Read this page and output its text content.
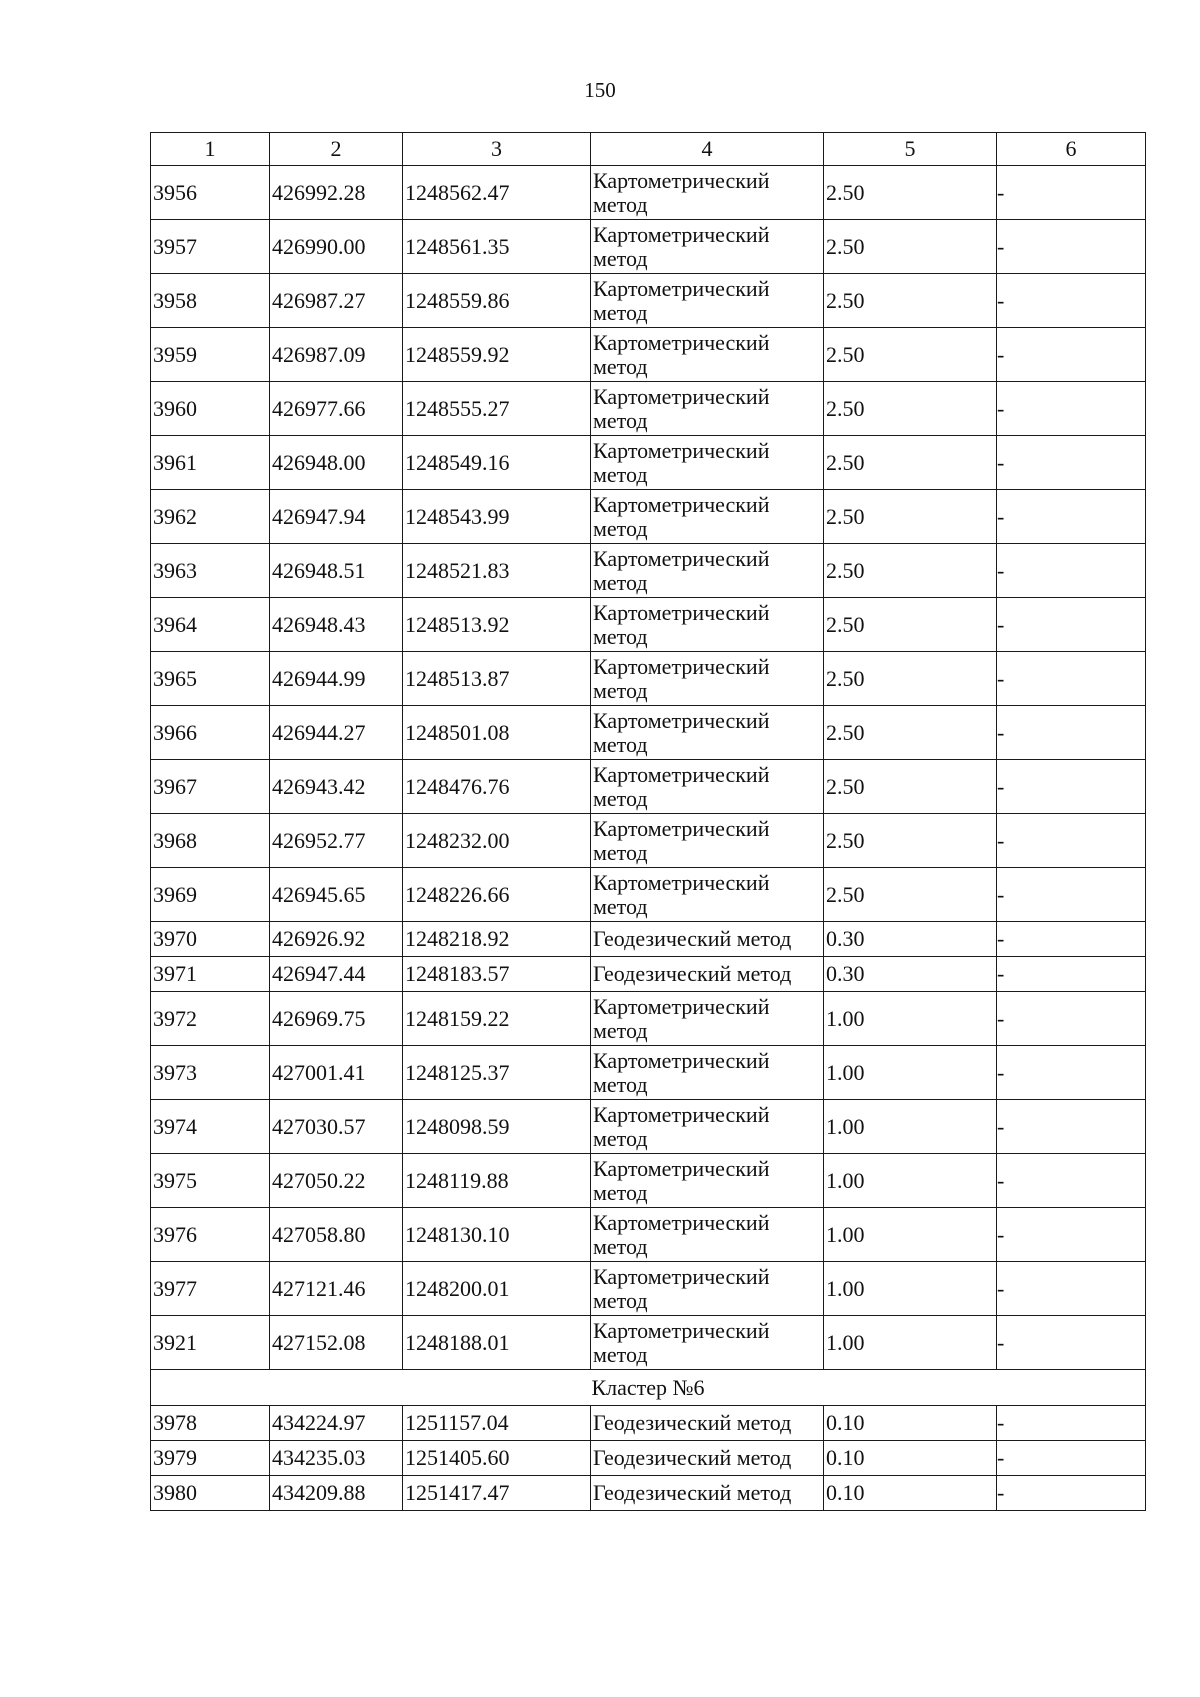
150
1	2	3	4	5	6
3956	426992.28	1248562.47	Картометрический метод	2.50	-
3957	426990.00	1248561.35	Картометрический метод	2.50	-
3958	426987.27	1248559.86	Картометрический метод	2.50	-
3959	426987.09	1248559.92	Картометрический метод	2.50	-
3960	426977.66	1248555.27	Картометрический метод	2.50	-
3961	426948.00	1248549.16	Картометрический метод	2.50	-
3962	426947.94	1248543.99	Картометрический метод	2.50	-
3963	426948.51	1248521.83	Картометрический метод	2.50	-
3964	426948.43	1248513.92	Картометрический метод	2.50	-
3965	426944.99	1248513.87	Картометрический метод	2.50	-
3966	426944.27	1248501.08	Картометрический метод	2.50	-
3967	426943.42	1248476.76	Картометрический метод	2.50	-
3968	426952.77	1248232.00	Картометрический метод	2.50	-
3969	426945.65	1248226.66	Картометрический метод	2.50	-
3970	426926.92	1248218.92	Геодезический метод	0.30	-
3971	426947.44	1248183.57	Геодезический метод	0.30	-
3972	426969.75	1248159.22	Картометрический метод	1.00	-
3973	427001.41	1248125.37	Картометрический метод	1.00	-
3974	427030.57	1248098.59	Картометрический метод	1.00	-
3975	427050.22	1248119.88	Картометрический метод	1.00	-
3976	427058.80	1248130.10	Картометрический метод	1.00	-
3977	427121.46	1248200.01	Картометрический метод	1.00	-
3921	427152.08	1248188.01	Картометрический метод	1.00	-
Кластер №6					
3978	434224.97	1251157.04	Геодезический метод	0.10	-
3979	434235.03	1251405.60	Геодезический метод	0.10	-
3980	434209.88	1251417.47	Геодезический метод	0.10	-
